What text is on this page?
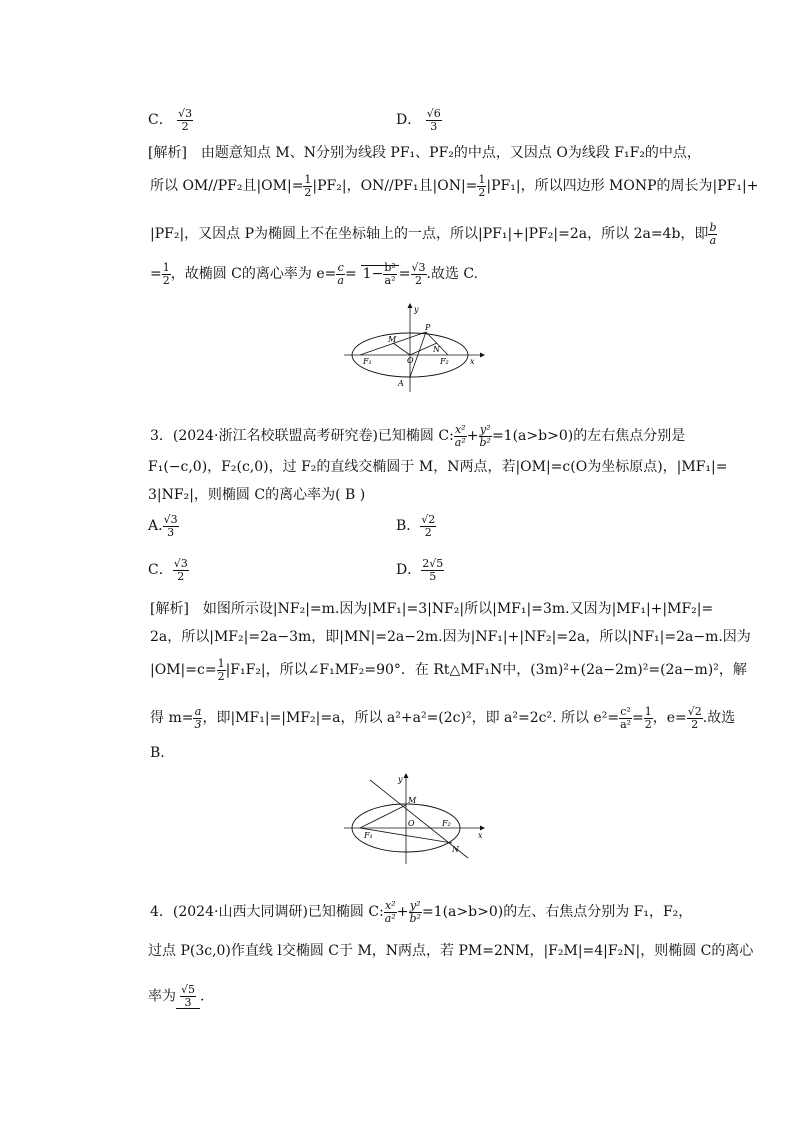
C． $\frac{√3}{2}$	D． $\frac{√6}{3}$
[解析]　由题意知点 M、N分别为线段 PF₁、PF₂的中点，又因点 O为线段 F₁F₂的中点，
所以 OM//PF₂且$|OM|= \frac{1}{2} |PF_2|$，ON//PF₁且$|ON|= \frac{1}{2} |PF_1|$，所以四边形 MONP的周长为|PF₁|+
|PF₂|，又因点 P为椭圆上不在坐标轴上的一点，所以|PF₁|+|PF₂|=2a，所以 2a=4b，即 $\frac{b}{a}$
= $\frac{1}{2}$ ，故椭圆 C的离心率为 $e= \frac{c}{a} = 1- \frac{\text{b²}}{\text{a²}} = \frac{√3}{2}$ .故选 C.
y
P
M
N
O
F₁	F₂
A
x
3．(2024·浙江名校联盟高考研究卷)已知椭圆 C: $\frac{\text{x²}}{\text{a²}} + \frac{\text{y²}}{\text{b²}} =1(a>b>0)$的左右焦点分别是
F₁(−c,0)，F₂(c,0)，过 F₂的直线交椭圆于 M，N两点，若|OM|=c(O为坐标原点)，|MF₁|=
3|NF₂|，则椭圆 C的离心率为( B )
A. $\frac{√3}{3}$	B． $\frac{√2}{2}$
C． $\frac{√3}{2}$	D． $\frac{2√5}{5}$
[解析]　如图所示设|NF₂|=m.因为|MF₁|=3|NF₂|所以|MF₁|=3m.又因为|MF₁|+|MF₂|=
2a，所以|MF₂|=2a−3m，即|MN|=2a−2m.因为|NF₁|+|NF₂|=2a，所以|NF₁|=2a−m.因为
$|OM|=c= \frac{1}{2} |F_1F_2|$，所以∠F₁MF₂=90°．在 Rt△MF₁N中，(3m)²+(2a−2m)²=(2a−m)²，解
得 $m= \frac{a}{3}$ ，即|MF₁|=|MF₂|=a，所以 a²+a²=(2c)²，即 a²=2c². 所以 $e^2= \frac{\text{c²}}{\text{a²}} = \frac{1}{2}$ ，$e= \frac{√2}{2}$ .故选
B.
y
M
O
F₁
F₂
N
x
4．(2024·山西大同调研)已知椭圆 C: $\frac{\text{x²}}{\text{a²}} + \frac{\text{y²}}{\text{b²}} =1(a>b>0)$的左、右焦点分别为 F₁，F₂，
过点 P(3c,0)作直线 l交椭圆 C于 M，N两点，若 PM=2NM，|F₂M|=4|F₂N|，则椭圆 C的离心
率为 $\frac{√5}{3}$ .
